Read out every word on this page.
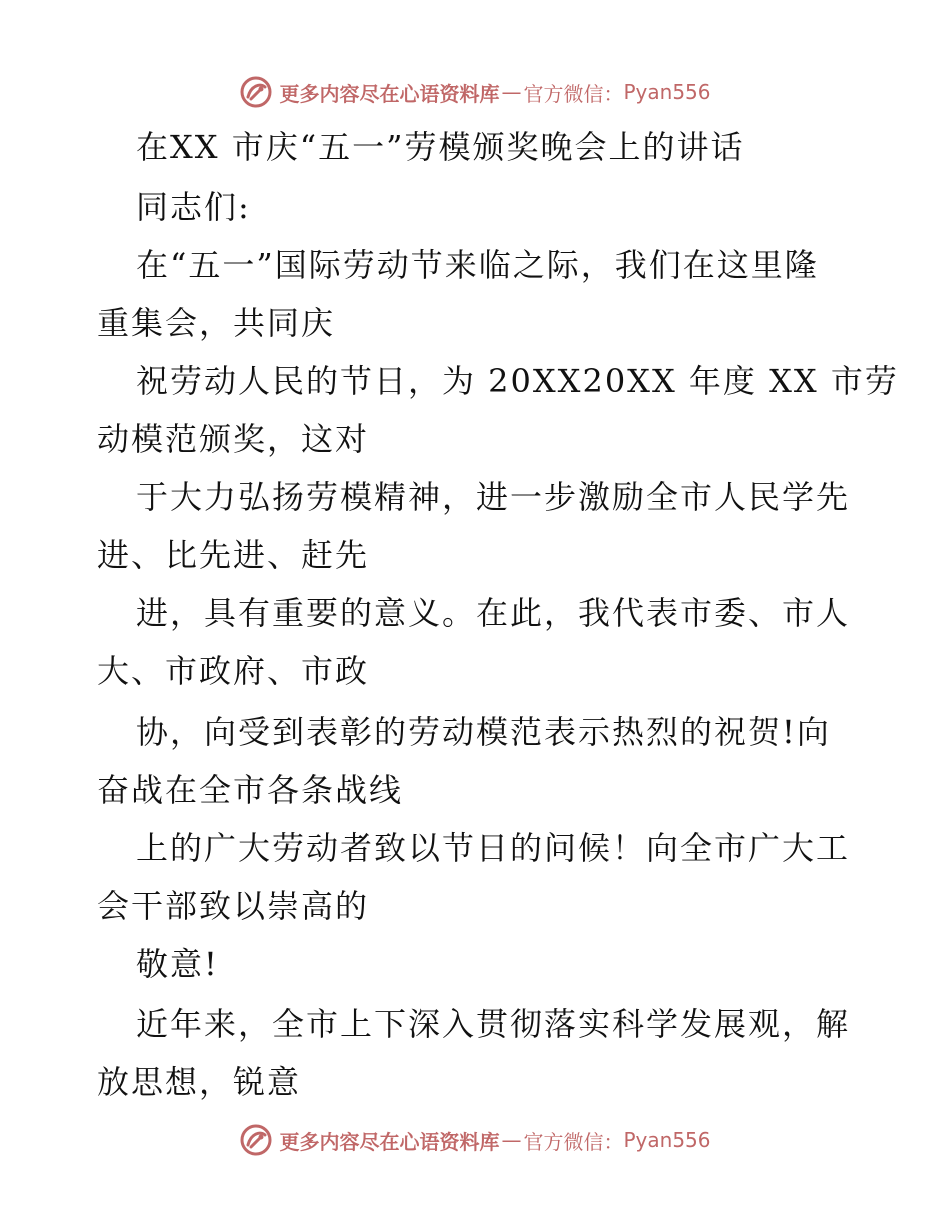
更多内容尽在心语资料库 — 官方微信： Pyan556
在XX 市庆“五一”劳模颁奖晚会上的讲话
同志们:
在“五一”国际劳动节来临之际，我们在这里隆
重集会，共同庆
祝劳动人民的节日，为 20XX20XX 年度 XX 市劳
动模范颁奖，这对
于大力弘扬劳模精神，进一步激励全市人民学先
进、比先进、赶先
进，具有重要的意义。在此，我代表市委、市人
大、市政府、市政
协，向受到表彰的劳动模范表示热烈的祝贺!向
奋战在全市各条战线
上的广大劳动者致以节日的问候！向全市广大工
会干部致以崇高的
敬意!
近年来，全市上下深入贯彻落实科学发展观，解
放思想，锐意
更多内容尽在心语资料库 — 官方微信： Pyan556
